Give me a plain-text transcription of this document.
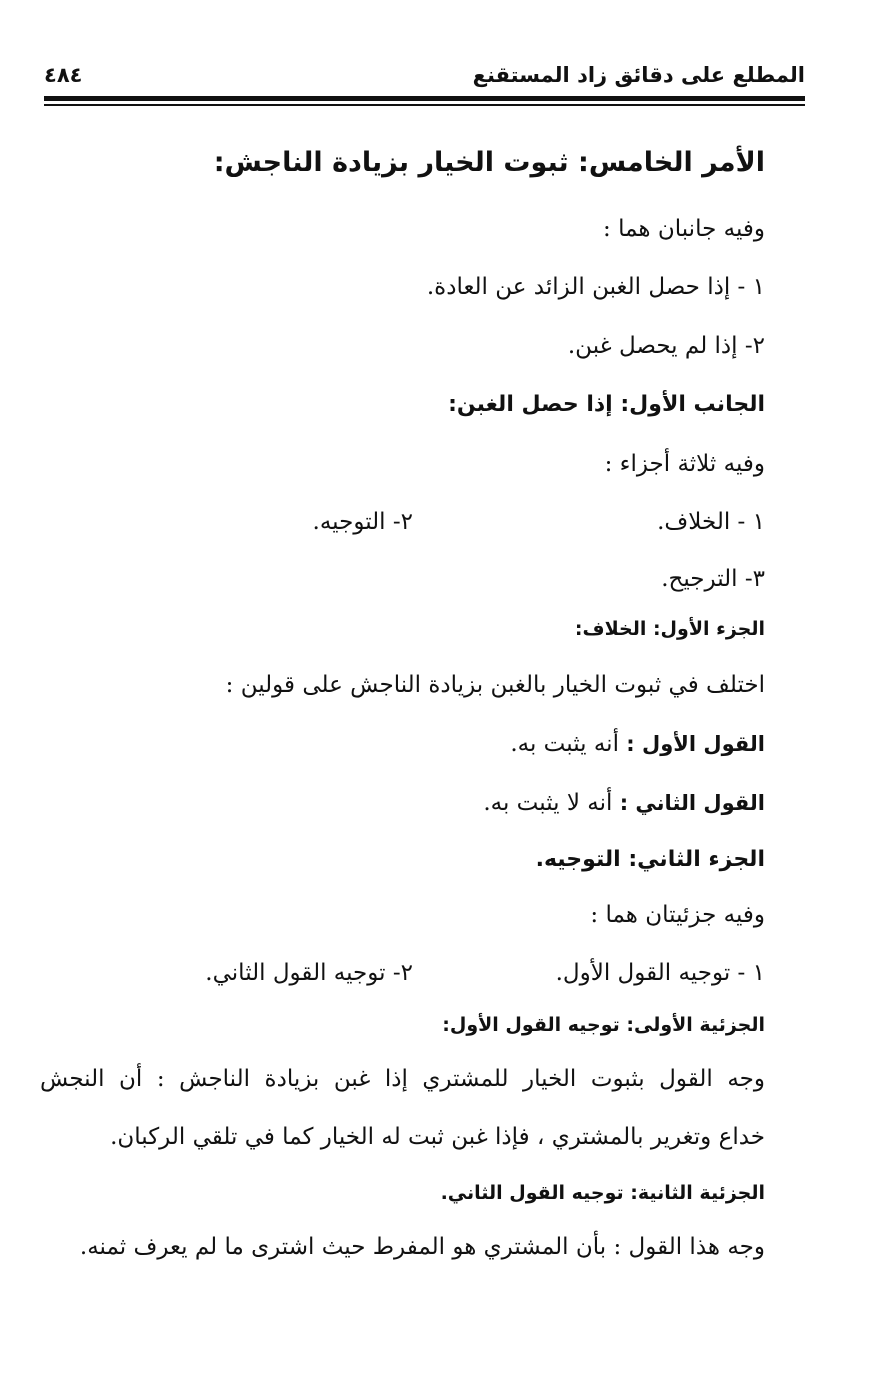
المطلع على دقائق زاد المستقنع
٤٨٤
الأمر الخامس: ثبوت الخيار بزيادة الناجش:
وفيه جانبان هما :
١ - إذا حصل الغبن الزائد عن العادة.
٢- إذا لم يحصل غبن.
الجانب الأول: إذا حصل الغبن:
وفيه ثلاثة أجزاء :
١ - الخلاف.
٢- التوجيه.
٣- الترجيح.
الجزء الأول: الخلاف:
اختلف في ثبوت الخيار بالغبن بزيادة الناجش على قولين :
القول الأول : أنه يثبت به.
القول الثاني : أنه لا يثبت به.
الجزء الثاني: التوجيه.
وفيه جزئيتان هما :
١ - توجيه القول الأول.
٢- توجيه القول الثاني.
الجزئية الأولى: توجيه القول الأول:
وجه القول بثبوت الخيار للمشتري إذا غبن بزيادة الناجش : أن النجش
خداع وتغرير بالمشتري ، فإذا غبن ثبت له الخيار كما في تلقي الركبان.
الجزئية الثانية: توجيه القول الثاني.
وجه هذا القول : بأن المشتري هو المفرط حيث اشترى ما لم يعرف ثمنه.
